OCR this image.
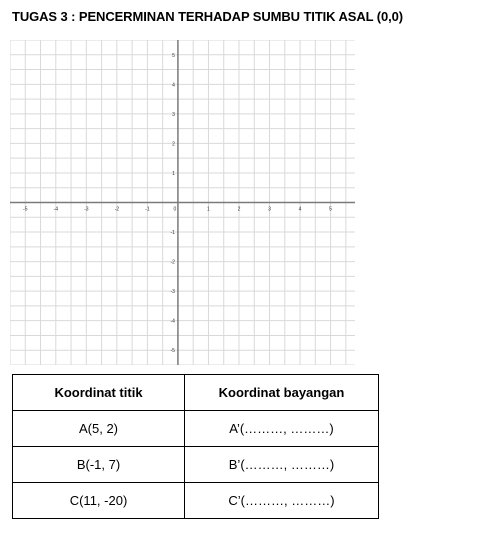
TUGAS 3 : PENCERMINAN TERHADAP SUMBU TITIK ASAL (0,0)
-5	-4	-3	-2	-1	0	1	2	3	4	5
5
4
3
2
1
-1
-2
-3
-4
-5
Koordinat titik	Koordinat bayangan
A(5, 2)	A’(………, ………)
B(-1, 7)	B’(………, ………)
C(11, -20)	C’(………, ………)
